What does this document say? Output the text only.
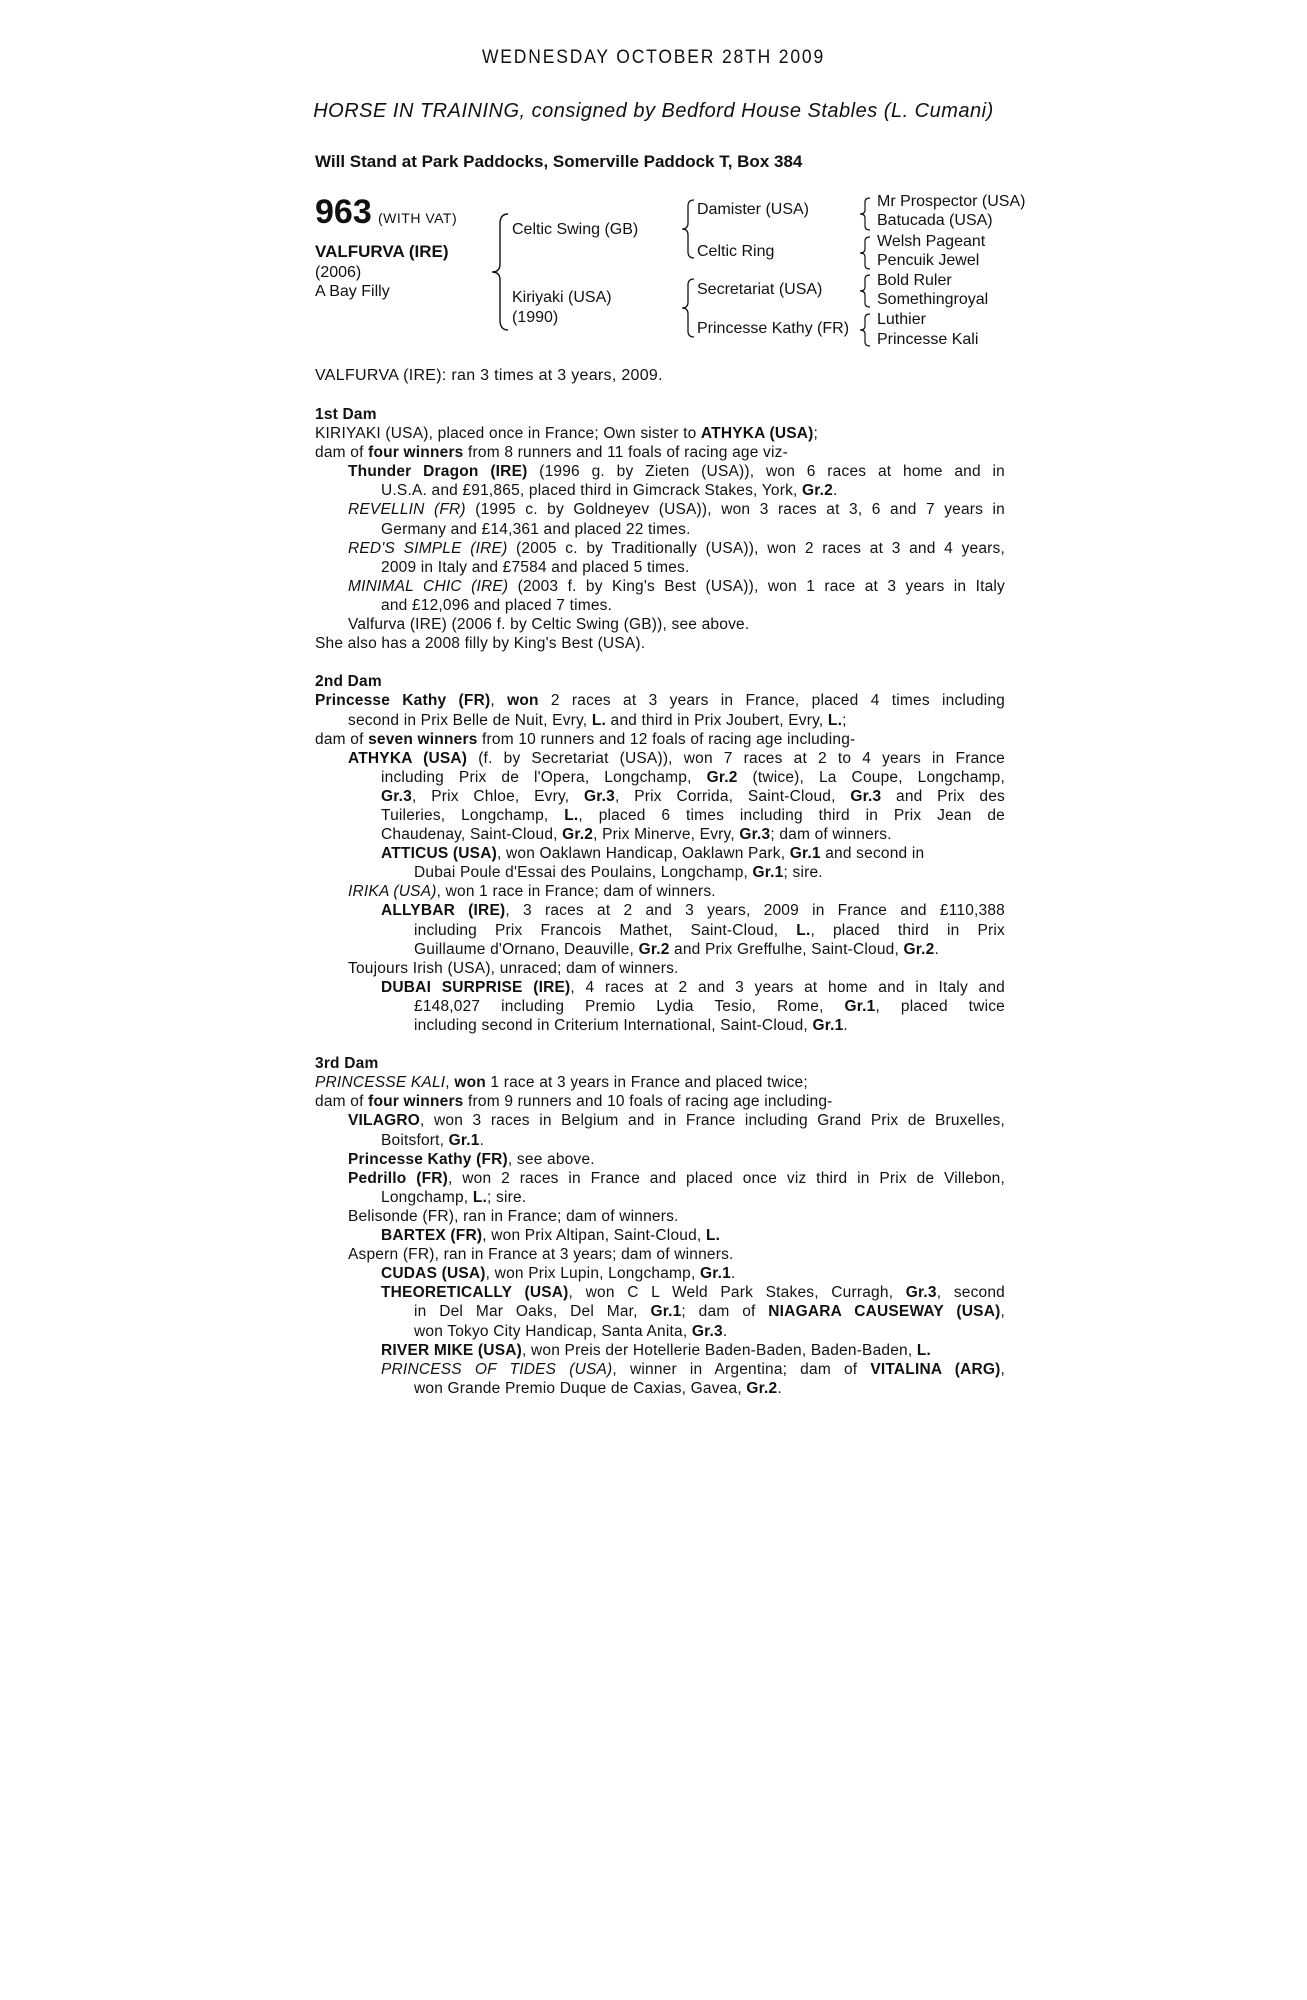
WEDNESDAY OCTOBER 28TH 2009
HORSE IN TRAINING, consigned by Bedford House Stables (L. Cumani)
Will Stand at Park Paddocks, Somerville Paddock T, Box 384
963 (WITH VAT)
VALFURVA (IRE)
(2006)
A Bay Filly
Celtic Swing (GB)
Kiriyaki (USA)
(1990)
Damister (USA)
Celtic Ring
Secretariat (USA)
Princesse Kathy (FR)
Mr Prospector (USA)
Batucada (USA)
Welsh Pageant
Pencuik Jewel
Bold Ruler
Somethingroyal
Luthier
Princesse Kali
VALFURVA (IRE): ran 3 times at 3 years, 2009.
1st Dam
KIRIYAKI (USA), placed once in France; Own sister to ATHYKA (USA);
dam of four winners from 8 runners and 11 foals of racing age viz-
Thunder Dragon (IRE) (1996 g. by Zieten (USA)), won 6 races at home and in
U.S.A. and £91,865, placed third in Gimcrack Stakes, York, Gr.2.
REVELLIN (FR) (1995 c. by Goldneyev (USA)), won 3 races at 3, 6 and 7 years in
Germany and £14,361 and placed 22 times.
RED'S SIMPLE (IRE) (2005 c. by Traditionally (USA)), won 2 races at 3 and 4 years,
2009 in Italy and £7584 and placed 5 times.
MINIMAL CHIC (IRE) (2003 f. by King's Best (USA)), won 1 race at 3 years in Italy
and £12,096 and placed 7 times.
Valfurva (IRE) (2006 f. by Celtic Swing (GB)), see above.
She also has a 2008 filly by King's Best (USA).
2nd Dam
Princesse Kathy (FR), won 2 races at 3 years in France, placed 4 times including
second in Prix Belle de Nuit, Evry, L. and third in Prix Joubert, Evry, L.;
dam of seven winners from 10 runners and 12 foals of racing age including-
ATHYKA (USA) (f. by Secretariat (USA)), won 7 races at 2 to 4 years in France
including Prix de l'Opera, Longchamp, Gr.2 (twice), La Coupe, Longchamp,
Gr.3, Prix Chloe, Evry, Gr.3, Prix Corrida, Saint-Cloud, Gr.3 and Prix des
Tuileries, Longchamp, L., placed 6 times including third in Prix Jean de
Chaudenay, Saint-Cloud, Gr.2, Prix Minerve, Evry, Gr.3; dam of winners.
ATTICUS (USA), won Oaklawn Handicap, Oaklawn Park, Gr.1 and second in
Dubai Poule d'Essai des Poulains, Longchamp, Gr.1; sire.
IRIKA (USA), won 1 race in France; dam of winners.
ALLYBAR (IRE), 3 races at 2 and 3 years, 2009 in France and £110,388
including Prix Francois Mathet, Saint-Cloud, L., placed third in Prix
Guillaume d'Ornano, Deauville, Gr.2 and Prix Greffulhe, Saint-Cloud, Gr.2.
Toujours Irish (USA), unraced; dam of winners.
DUBAI SURPRISE (IRE), 4 races at 2 and 3 years at home and in Italy and
£148,027 including Premio Lydia Tesio, Rome, Gr.1, placed twice
including second in Criterium International, Saint-Cloud, Gr.1.
3rd Dam
PRINCESSE KALI, won 1 race at 3 years in France and placed twice;
dam of four winners from 9 runners and 10 foals of racing age including-
VILAGRO, won 3 races in Belgium and in France including Grand Prix de Bruxelles,
Boitsfort, Gr.1.
Princesse Kathy (FR), see above.
Pedrillo (FR), won 2 races in France and placed once viz third in Prix de Villebon,
Longchamp, L.; sire.
Belisonde (FR), ran in France; dam of winners.
BARTEX (FR), won Prix Altipan, Saint-Cloud, L.
Aspern (FR), ran in France at 3 years; dam of winners.
CUDAS (USA), won Prix Lupin, Longchamp, Gr.1.
THEORETICALLY (USA), won C L Weld Park Stakes, Curragh, Gr.3, second
in Del Mar Oaks, Del Mar, Gr.1; dam of NIAGARA CAUSEWAY (USA),
won Tokyo City Handicap, Santa Anita, Gr.3.
RIVER MIKE (USA), won Preis der Hotellerie Baden-Baden, Baden-Baden, L.
PRINCESS OF TIDES (USA), winner in Argentina; dam of VITALINA (ARG),
won Grande Premio Duque de Caxias, Gavea, Gr.2.
